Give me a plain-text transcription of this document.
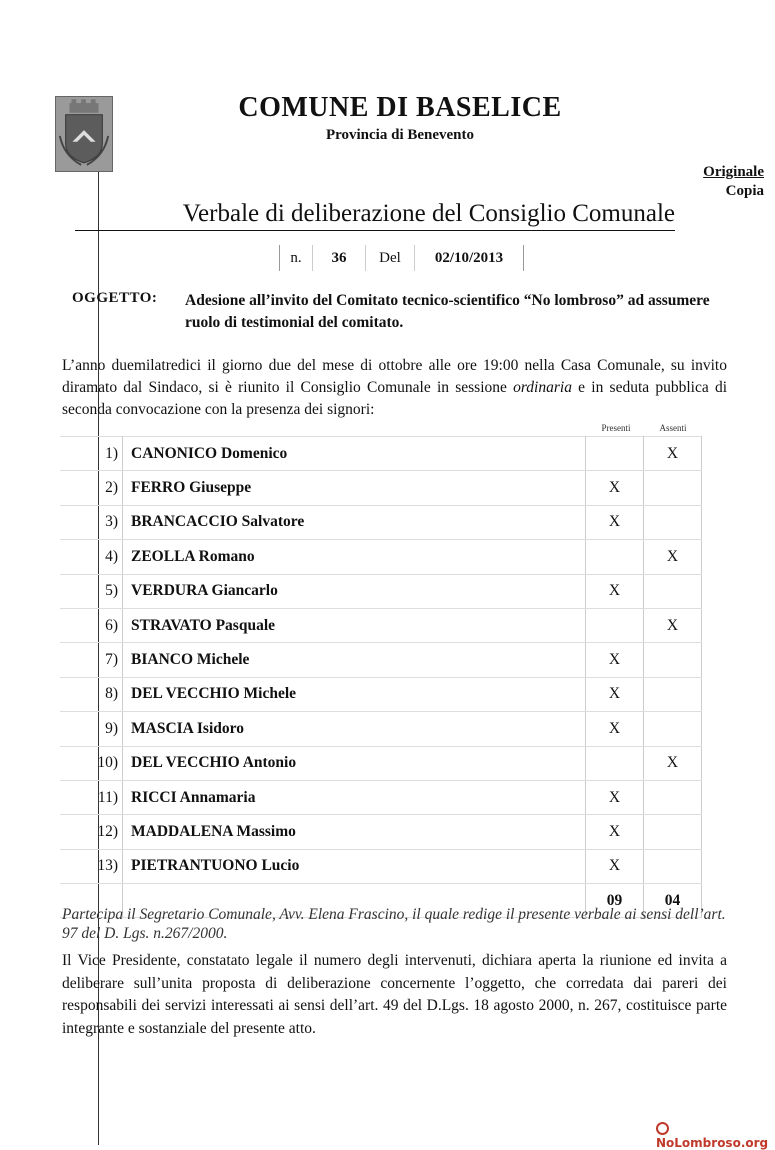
COMUNE DI BASELICE
Provincia di Benevento
Originale
Copia
Verbale di deliberazione del Consiglio Comunale
n.	36	Del	02/10/2013
OGGETTO: Adesione all’invito del Comitato tecnico-scientifico “No lombroso” ad assumere ruolo di testimonial del comitato.
L’anno duemilatredici il giorno due del mese di ottobre alle ore 19:00 nella Casa Comunale, su invito diramato dal Sindaco, si è riunito il Consiglio Comunale in sessione ordinaria e in seduta pubblica di seconda convocazione con la presenza dei signori:
Presenti	Assenti
1)	CANONICO Domenico		X
2)	FERRO Giuseppe	X	
3)	BRANCACCIO Salvatore	X	
4)	ZEOLLA Romano		X
5)	VERDURA Giancarlo	X	
6)	STRAVATO Pasquale		X
7)	BIANCO Michele	X	
8)	DEL VECCHIO Michele	X	
9)	MASCIA Isidoro	X	
10)	DEL VECCHIO Antonio		X
11)	RICCI Annamaria	X	
12)	MADDALENA Massimo	X	
13)	PIETRANTUONO Lucio	X	
		09	04
Partecipa il Segretario Comunale, Avv. Elena Frascino, il quale redige il presente verbale ai sensi dell’art. 97 del D. Lgs. n.267/2000.
Il Vice Presidente, constatato legale il numero degli intervenuti, dichiara aperta la riunione ed invita a deliberare sull’unita proposta di deliberazione concernente l’oggetto, che corredata dai pareri dei responsabili dei servizi interessati ai sensi dell’art. 49 del D.Lgs. 18 agosto 2000, n. 267, costituisce parte integrante e sostanziale del presente atto.
NoLombroso.org
